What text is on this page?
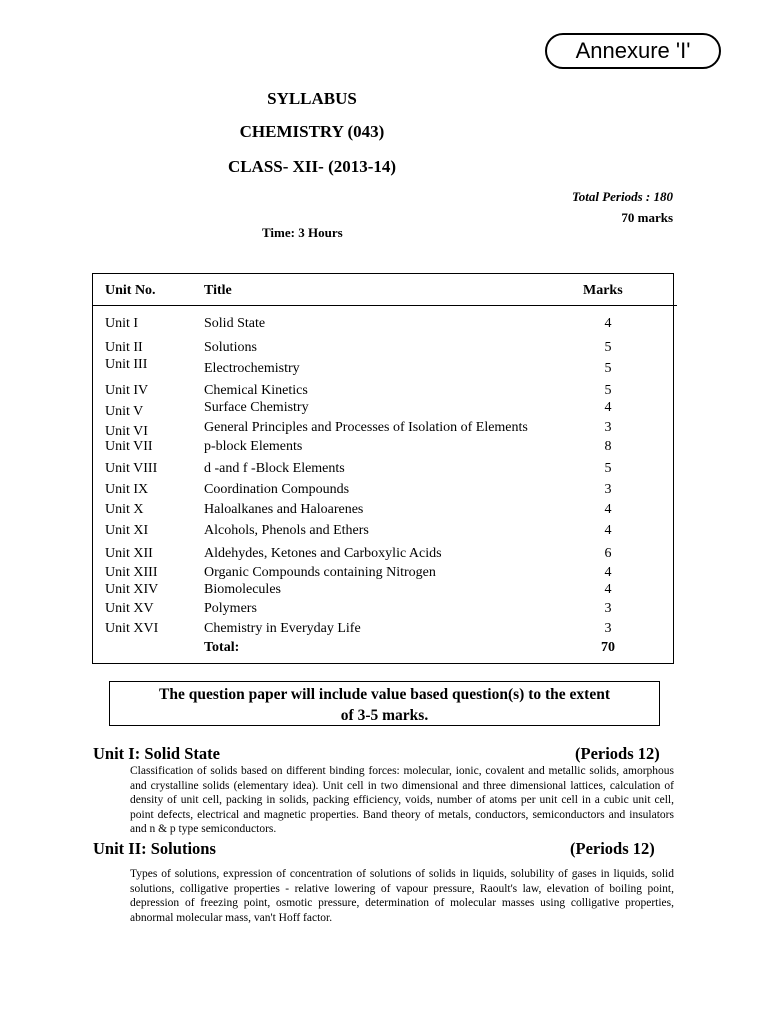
Annexure 'I'
SYLLABUS
CHEMISTRY (043)
CLASS- XII- (2013-14)
Total Periods : 180
70 marks
Time: 3 Hours
Unit No.	Title	Marks
Unit I	Solid State	4
Unit II	Solutions	5
Unit III	Electrochemistry	5
Unit IV	Chemical Kinetics	5
Unit V	Surface Chemistry	4
Unit VI	General Principles and Processes of Isolation of Elements	3
Unit VII	p-block Elements	8
Unit VIII	d -and f -Block Elements	5
Unit IX	Coordination Compounds	3
Unit X	Haloalkanes and Haloarenes	4
Unit XI	Alcohols, Phenols and Ethers	4
Unit XII	Aldehydes, Ketones and Carboxylic Acids	6
Unit XIII	Organic Compounds containing Nitrogen	4
Unit XIV	Biomolecules	4
Unit XV	Polymers	3
Unit XVI	Chemistry in Everyday Life	3
Total:	70
The question paper will include value based question(s) to the extent
of 3-5 marks.
Unit I: Solid State	(Periods 12)
Classification of solids based on different binding forces: molecular, ionic, covalent and metallic solids, amorphous and crystalline solids (elementary idea). Unit cell in two dimensional and three dimensional lattices, calculation of density of unit cell, packing in solids, packing efficiency, voids, number of atoms per unit cell in a cubic unit cell, point defects, electrical and magnetic properties. Band theory of metals, conductors, semiconductors and insulators and n & p type semiconductors.
Unit II: Solutions	(Periods 12)
Types of solutions, expression of concentration of solutions of solids in liquids, solubility of gases in liquids, solid solutions, colligative properties - relative lowering of vapour pressure, Raoult's law, elevation of boiling point, depression of freezing point, osmotic pressure, determination of molecular masses using colligative properties, abnormal molecular mass, van't Hoff factor.
